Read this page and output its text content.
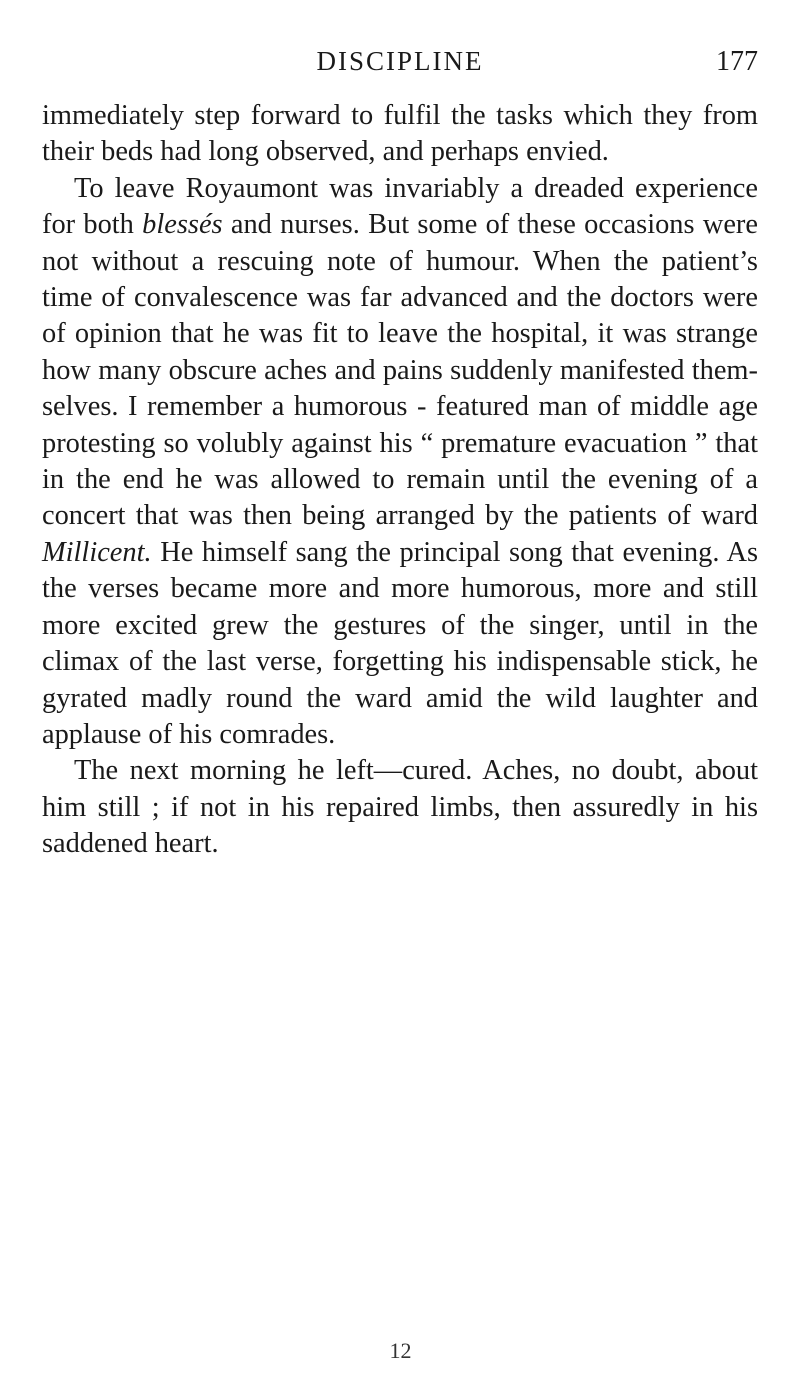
DISCIPLINE	177

immediately step forward to fulfil the tasks which they from their beds had long observed, and perhaps envied.

To leave Royaumont was invariably a dreaded experience for both blessés and nurses. But some of these occasions were not without a rescuing note of humour. When the patient’s time of convalescence was far advanced and the doctors were of opinion that he was fit to leave the hospital, it was strange how many obscure aches and pains suddenly manifested themselves. I remember a humorous - featured man of middle age protesting so volubly against his “ premature evacuation ” that in the end he was allowed to remain until the evening of a concert that was then being arranged by the patients of ward Millicent. He himself sang the principal song that evening. As the verses became more and more humorous, more and still more excited grew the gestures of the singer, until in the climax of the last verse, forgetting his indispensable stick, he gyrated madly round the ward amid the wild laughter and applause of his comrades.

The next morning he left—cured. Aches, no doubt, about him still ; if not in his repaired limbs, then assuredly in his saddened heart.

12
